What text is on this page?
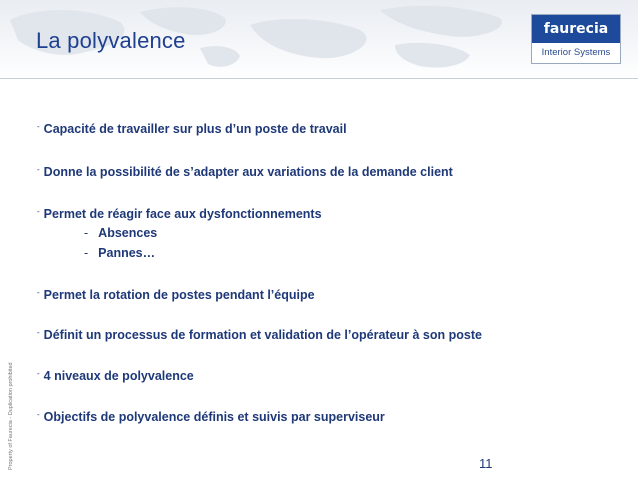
La polyvalence	faurecia
Interior Systems
- Capacité de travailler sur plus d’un poste de travail
- Donne la possibilité de s’adapter aux variations de la demande client
- Permet de réagir face aux dysfonctionnements
- Absences
- Pannes…
- Permet la rotation de postes pendant l’équipe
- Définit un processus de formation et validation de l’opérateur à son poste
- 4 niveaux de polyvalence
- Objectifs de polyvalence définis et suivis par superviseur
Property of Faurecia - Duplication prohibited	11
